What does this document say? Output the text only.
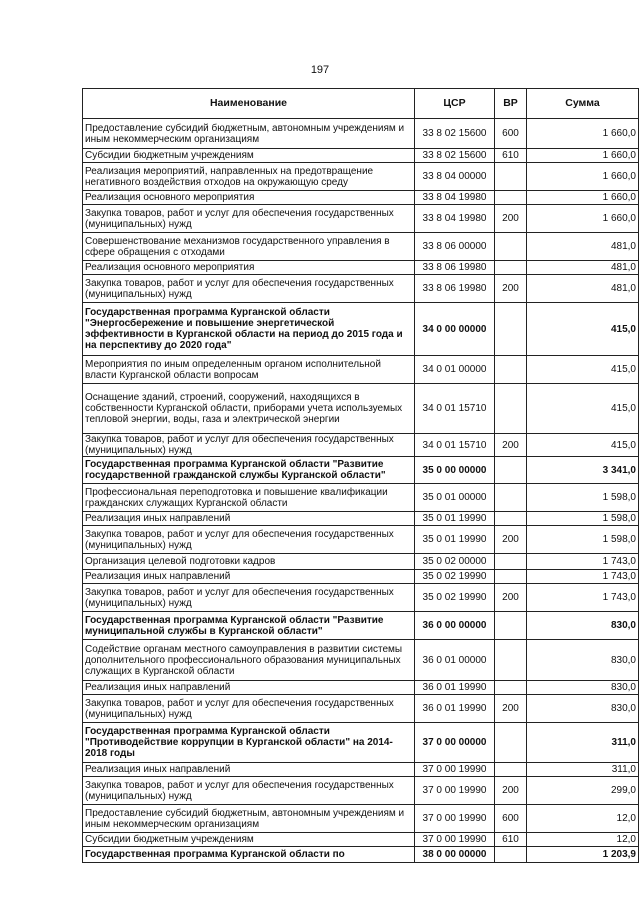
197
Наименование	ЦСР	ВР	Сумма
Предоставление субсидий бюджетным, автономным учреждениям и иным некоммерческим организациям	33 8 02 15600	600	1 660,0
Субсидии бюджетным учреждениям	33 8 02 15600	610	1 660,0
Реализация мероприятий, направленных на предотвращение негативного воздействия отходов на окружающую среду	33 8 04 00000		1 660,0
Реализация основного мероприятия	33 8 04 19980		1 660,0
Закупка товаров, работ и услуг для обеспечения государственных (муниципальных) нужд	33 8 04 19980	200	1 660,0
Совершенствование механизмов государственного управления в сфере обращения с отходами	33 8 06 00000		481,0
Реализация основного мероприятия	33 8 06 19980		481,0
Закупка товаров, работ и услуг для обеспечения государственных (муниципальных) нужд	33 8 06 19980	200	481,0
Государственная программа Курганской области "Энергосбережение и повышение энергетической эффективности в Курганской области на период до 2015 года и на перспективу до 2020 года"	34 0 00 00000		415,0
Мероприятия по иным определенным органом исполнительной власти Курганской области вопросам	34 0 01 00000		415,0
Оснащение зданий, строений, сооружений, находящихся в собственности Курганской области, приборами учета используемых тепловой энергии, воды, газа и электрической энергии	34 0 01 15710		415,0
Закупка товаров, работ и услуг для обеспечения государственных (муниципальных) нужд	34 0 01 15710	200	415,0
Государственная программа Курганской области "Развитие государственной гражданской службы Курганской области"	35 0 00 00000		3 341,0
Профессиональная переподготовка и повышение квалификации гражданских служащих Курганской области	35 0 01 00000		1 598,0
Реализация иных направлений	35 0 01 19990		1 598,0
Закупка товаров, работ и услуг для обеспечения государственных (муниципальных) нужд	35 0 01 19990	200	1 598,0
Организация целевой подготовки кадров	35 0 02 00000		1 743,0
Реализация иных направлений	35 0 02 19990		1 743,0
Закупка товаров, работ и услуг для обеспечения государственных (муниципальных) нужд	35 0 02 19990	200	1 743,0
Государственная программа Курганской области "Развитие муниципальной службы в Курганской области"	36 0 00 00000		830,0
Содействие органам местного самоуправления в развитии системы дополнительного профессионального образования муниципальных служащих в Курганской области	36 0 01 00000		830,0
Реализация иных направлений	36 0 01 19990		830,0
Закупка товаров, работ и услуг для обеспечения государственных (муниципальных) нужд	36 0 01 19990	200	830,0
Государственная программа Курганской области "Противодействие коррупции в Курганской области" на 2014-2018 годы	37 0 00 00000		311,0
Реализация иных направлений	37 0 00 19990		311,0
Закупка товаров, работ и услуг для обеспечения государственных (муниципальных) нужд	37 0 00 19990	200	299,0
Предоставление субсидий бюджетным, автономным учреждениям и иным некоммерческим организациям	37 0 00 19990	600	12,0
Субсидии бюджетным учреждениям	37 0 00 19990	610	12,0
Государственная программа Курганской области по	38 0 00 00000		1 203,9
